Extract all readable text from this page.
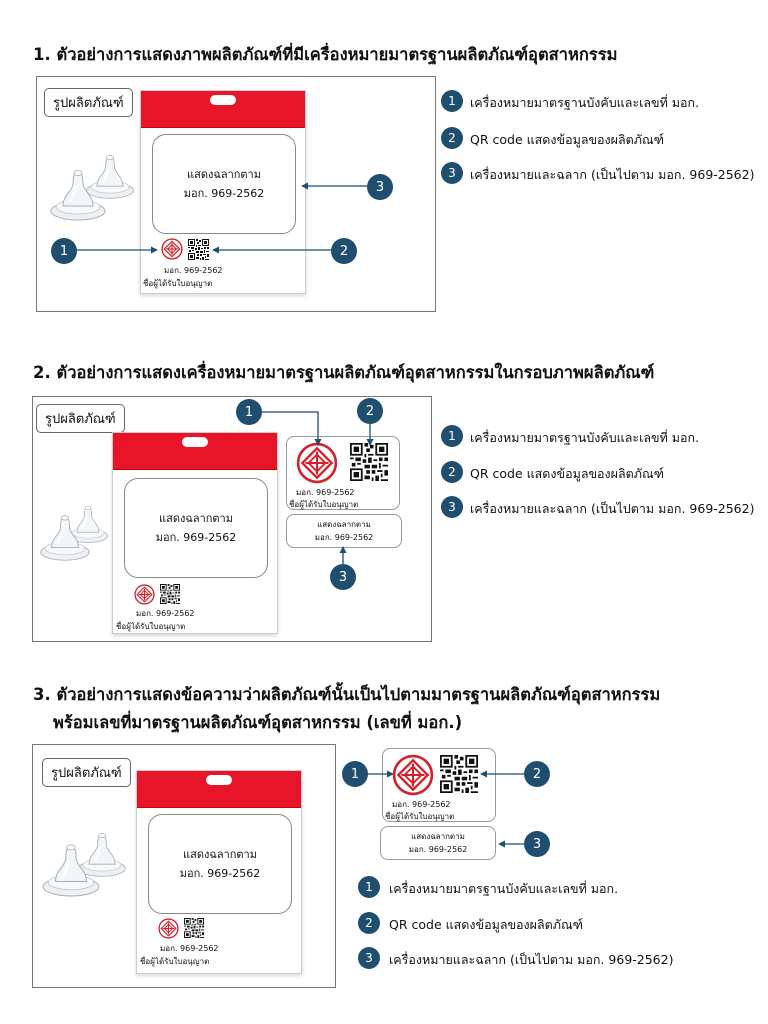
1. ตัวอย่างการแสดงภาพผลิตภัณฑ์ที่มีเครื่องหมายมาตรฐานผลิตภัณฑ์อุตสาหกรรม
รูปผลิตภัณฑ์
แสดงฉลากตาม
มอก. 969-2562
มอก. 969-2562
ชื่อผู้ได้รับใบอนุญาต
1	2
3
1	เครื่องหมายมาตรฐานบังคับและเลขที่ มอก.
2	QR code แสดงข้อมูลของผลิตภัณฑ์
3	เครื่องหมายและฉลาก (เป็นไปตาม มอก. 969-2562)
2. ตัวอย่างการแสดงเครื่องหมายมาตรฐานผลิตภัณฑ์อุตสาหกรรมในกรอบภาพผลิตภัณฑ์
รูปผลิตภัณฑ์
แสดงฉลากตาม
มอก. 969-2562
มอก. 969-2562
ชื่อผู้ได้รับใบอนุญาต
มอก. 969-2562
ชื่อผู้ได้รับใบอนุญาต
แสดงฉลากตาม
มอก. 969-2562
1	2
3
1	เครื่องหมายมาตรฐานบังคับและเลขที่ มอก.
2	QR code แสดงข้อมูลของผลิตภัณฑ์
3	เครื่องหมายและฉลาก (เป็นไปตาม มอก. 969-2562)
3. ตัวอย่างการแสดงข้อความว่าผลิตภัณฑ์นั้นเป็นไปตามมาตรฐานผลิตภัณฑ์อุตสาหกรรม
พร้อมเลขที่มาตรฐานผลิตภัณฑ์อุตสาหกรรม (เลขที่ มอก.)
รูปผลิตภัณฑ์
แสดงฉลากตาม
มอก. 969-2562
มอก. 969-2562
ชื่อผู้ได้รับใบอนุญาต
มอก. 969-2562
ชื่อผู้ได้รับใบอนุญาต
แสดงฉลากตาม
มอก. 969-2562
1	2
3
1	เครื่องหมายมาตรฐานบังคับและเลขที่ มอก.
2	QR code แสดงข้อมูลของผลิตภัณฑ์
3	เครื่องหมายและฉลาก (เป็นไปตาม มอก. 969-2562)
